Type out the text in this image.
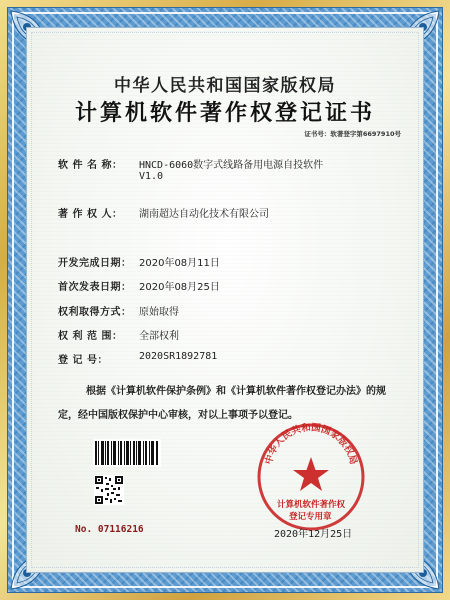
中华人民共和国国家版权局
计算机软件著作权登记证书
证书号：软著登字第6697910号
软 件 名 称： HNCD-6060数字式线路备用电源自投软件
V1.0
著 作 权 人： 湖南超达自动化技术有限公司
开发完成日期： 2020年08月11日
首次发表日期： 2020年08月25日
权利取得方式： 原始取得
权 利 范 围： 全部权利
登 记 号：	2020SR1892781
根据《计算机软件保护条例》和《计算机软件著作权登记办法》的规定，经中国版权保护中心审核，对以上事项予以登记。
No. 07116216
中华人民共和国国家版权局
计算机软件著作权
登记专用章
2020年12月25日
